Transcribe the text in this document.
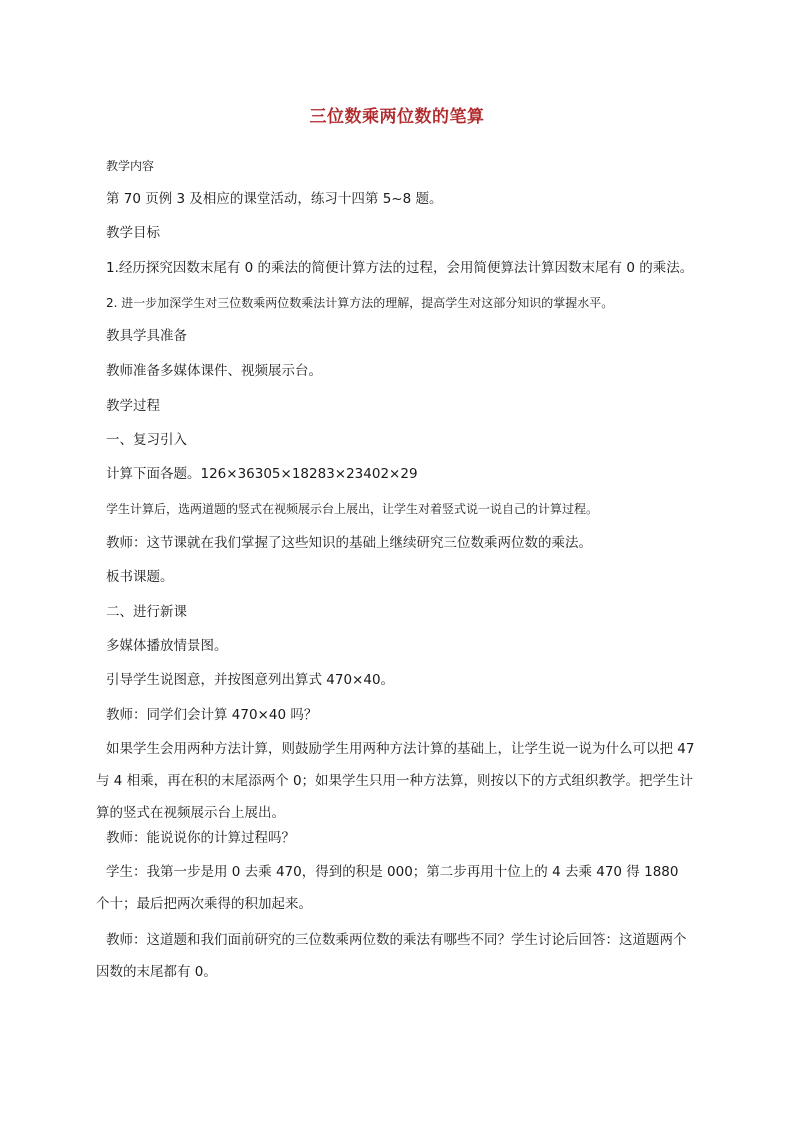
三位数乘两位数的笔算
教学内容
第 70 页例 3 及相应的课堂活动，练习十四第 5~8 题。
教学目标
1.经历探究因数末尾有 0 的乘法的简便计算方法的过程，会用简便算法计算因数末尾有 0 的乘法。
2. 进一步加深学生对三位数乘两位数乘法计算方法的理解，提高学生对这部分知识的掌握水平。
教具学具准备
教师准备多媒体课件、视频展示台。
教学过程
一、复习引入
计算下面各题。126×36305×18283×23402×29
学生计算后，选两道题的竖式在视频展示台上展出，让学生对着竖式说一说自己的计算过程。
教师：这节课就在我们掌握了这些知识的基础上继续研究三位数乘两位数的乘法。
板书课题。
二、进行新课
多媒体播放情景图。
引导学生说图意，并按图意列出算式 470×40。
教师：同学们会计算 470×40 吗？
如果学生会用两种方法计算，则鼓励学生用两种方法计算的基础上，让学生说一说为什么可以把 47 与 4 相乘，再在积的末尾添两个 0；如果学生只用一种方法算，则按以下的方式组织教学。把学生计算的竖式在视频展示台上展出。
教师：能说说你的计算过程吗？
学生：我第一步是用 0 去乘 470，得到的积是 000；第二步再用十位上的 4 去乘 470 得 1880 个十；最后把两次乘得的积加起来。
教师：这道题和我们面前研究的三位数乘两位数的乘法有哪些不同？学生讨论后回答：这道题两个因数的末尾都有 0。
